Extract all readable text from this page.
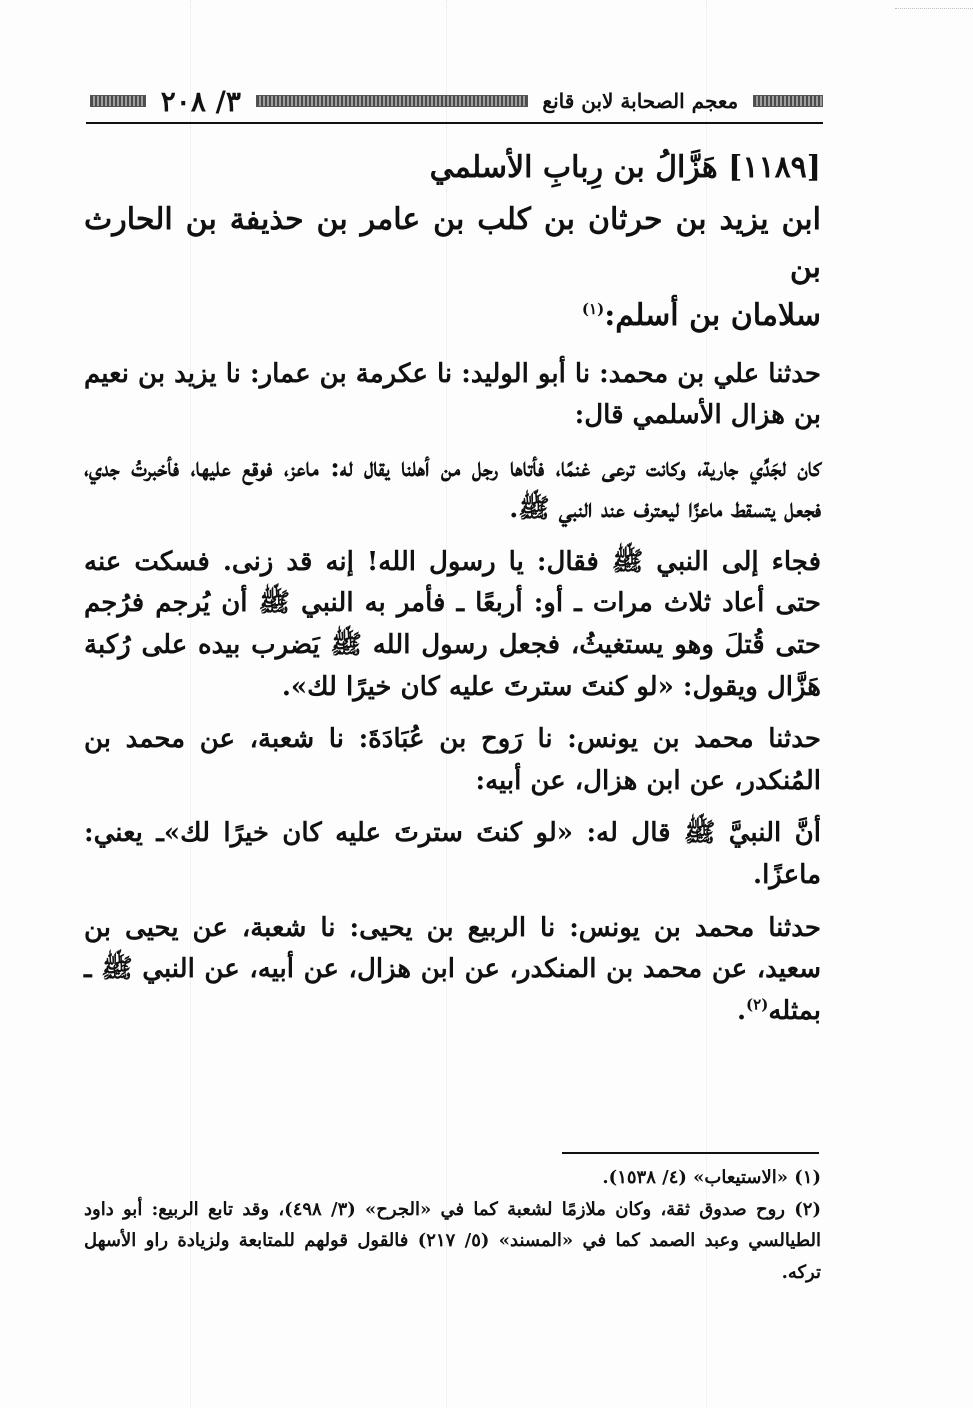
معجم الصحابة لابن قانع
٣/ ٢٠٨
[١١٨٩] هَزَّالُ بن رِبابِ الأسلمي
ابن يزيد بن حرثان بن كلب بن عامر بن حذيفة بن الحارث بن
سلامان بن أسلم:$^{(١)}$

حدثنا علي بن محمد: نا أبو الوليد: نا عكرمة بن عمار: نا يزيد بن نعيم بن هزال الأسلمي قال:

كان لجَدِّي جارية، وكانت ترعى غنمًا، فأتاها رجل من أهلنا يقال له: ماعز، فوقع عليها، فأخبرتُ جدي، فجعل يتسقط ماعزًا ليعترف عند النبي ﷺ.

فجاء إلى النبي ﷺ فقال: يا رسول الله! إنه قد زنى. فسكت عنه حتى أعاد ثلاث مرات ـ أو: أربعًا ـ فأمر به النبي ﷺ أن يُرجم فرُجم حتى قُتلَ وهو يستغيثُ، فجعل رسول الله ﷺ يَضرب بيده على رُكبة هَزَّال ويقول: «لو كنتَ سترتَ عليه كان خيرًا لك».

حدثنا محمد بن يونس: نا رَوح بن عُبَادَةَ: نا شعبة، عن محمد بن المُنكدر، عن ابن هزال، عن أبيه:

أنَّ النبيَّ ﷺ قال له: «لو كنتَ سترتَ عليه كان خيرًا لك»ـ يعني: ماعزًا.

حدثنا محمد بن يونس: نا الربيع بن يحيى: نا شعبة، عن يحيى بن سعيد، عن محمد بن المنكدر، عن ابن هزال، عن أبيه، عن النبي ﷺ ـ بمثله$^{(٢)}$.

(١) «الاستيعاب» (٤/ ١٥٣٨).

(٢) روح صدوق ثقة، وكان ملازمًا لشعبة كما في «الجرح» (٣/ ٤٩٨)، وقد تابع الربيع: أبو داود الطيالسي وعبد الصمد كما في «المسند» (٥/ ٢١٧) فالقول قولهم للمتابعة ولزيادة راو الأسهل تركه.
